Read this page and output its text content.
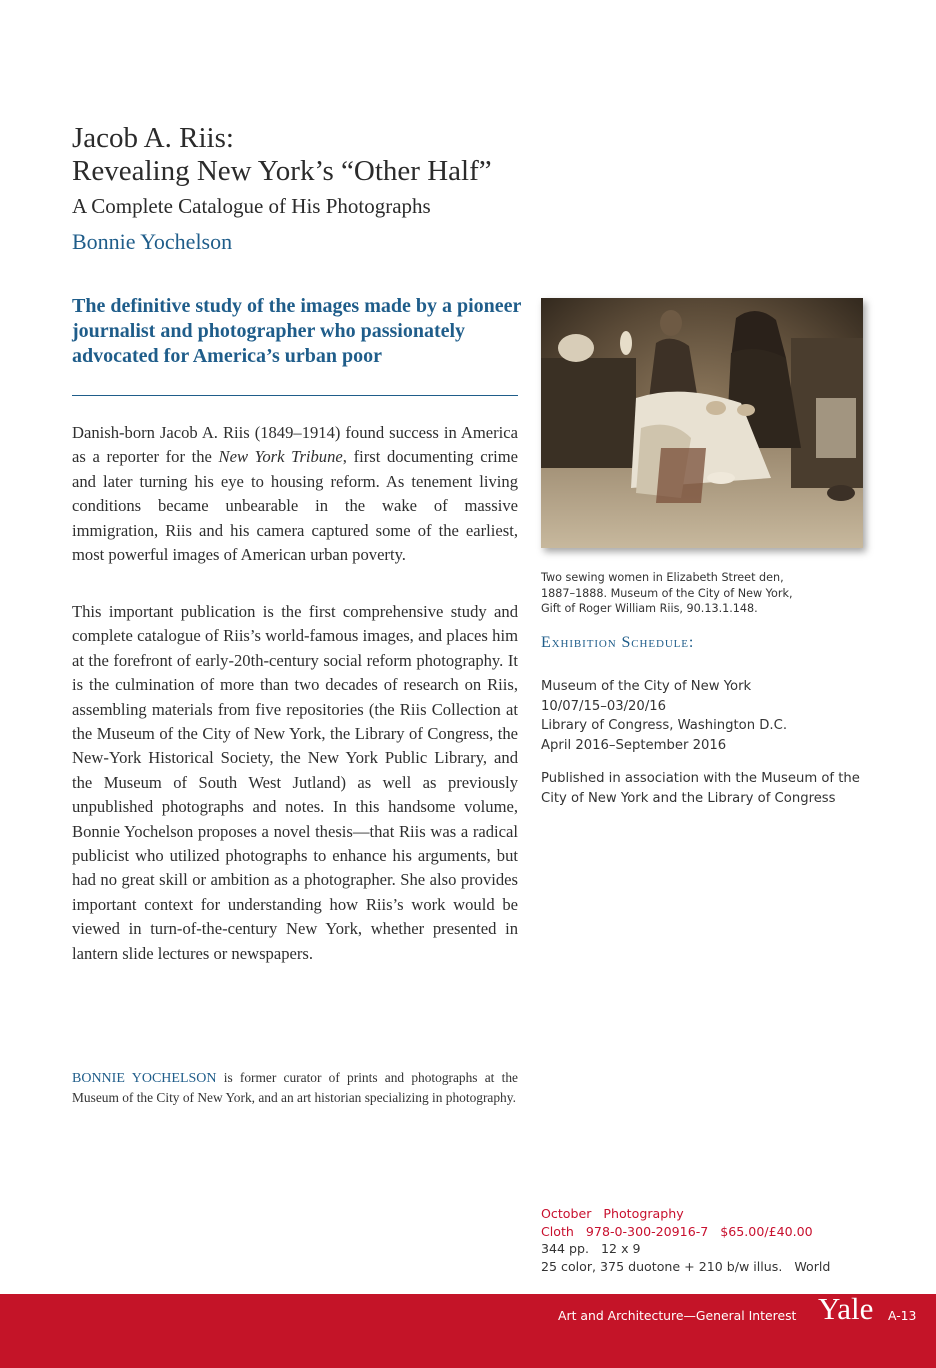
Jacob A. Riis:
Revealing New York’s “Other Half”
A Complete Catalogue of His Photographs
Bonnie Yochelson
The definitive study of the images made by a pioneer journalist and photographer who passionately advocated for America’s urban poor

Danish-born Jacob A. Riis (1849–1914) found success in America as a reporter for the New York Tribune, first documenting crime and later turning his eye to housing reform. As tenement living conditions became unbearable in the wake of massive immigration, Riis and his camera captured some of the earliest, most powerful images of American urban poverty.

This important publication is the first comprehensive study and complete catalogue of Riis’s world-famous images, and places him at the forefront of early-20th-century social reform photography. It is the culmination of more than two decades of research on Riis, assembling materials from five repositories (the Riis Collection at the Museum of the City of New York, the Library of Congress, the New-York Historical Society, the New York Public Library, and the Museum of South West Jutland) as well as previously unpublished photographs and notes. In this handsome volume, Bonnie Yochelson proposes a novel thesis—that Riis was a radical publicist who utilized photographs to enhance his arguments, but had no great skill or ambition as a photographer. She also provides important context for understanding how Riis’s work would be viewed in turn-of-the-century New York, whether presented in lantern slide lectures or newspapers.

BONNIE YOCHELSON is former curator of prints and photographs at the Museum of the City of New York, and an art historian specializing in photography.
Two sewing women in Elizabeth Street den,
1887–1888. Museum of the City of New York,
Gift of Roger William Riis, 90.13.1.148.
Exhibition Schedule:
Museum of the City of New York
10/07/15–03/20/16
Library of Congress, Washington D.C.
April 2016–September 2016
Published in association with the Museum of the City of New York and the Library of Congress
October Photography
Cloth 978-0-300-20916-7 $65.00/£40.00
344 pp. 12 x 9
25 color, 375 duotone + 210 b/w illus. World
Art and Architecture—General Interest Yale A-13
